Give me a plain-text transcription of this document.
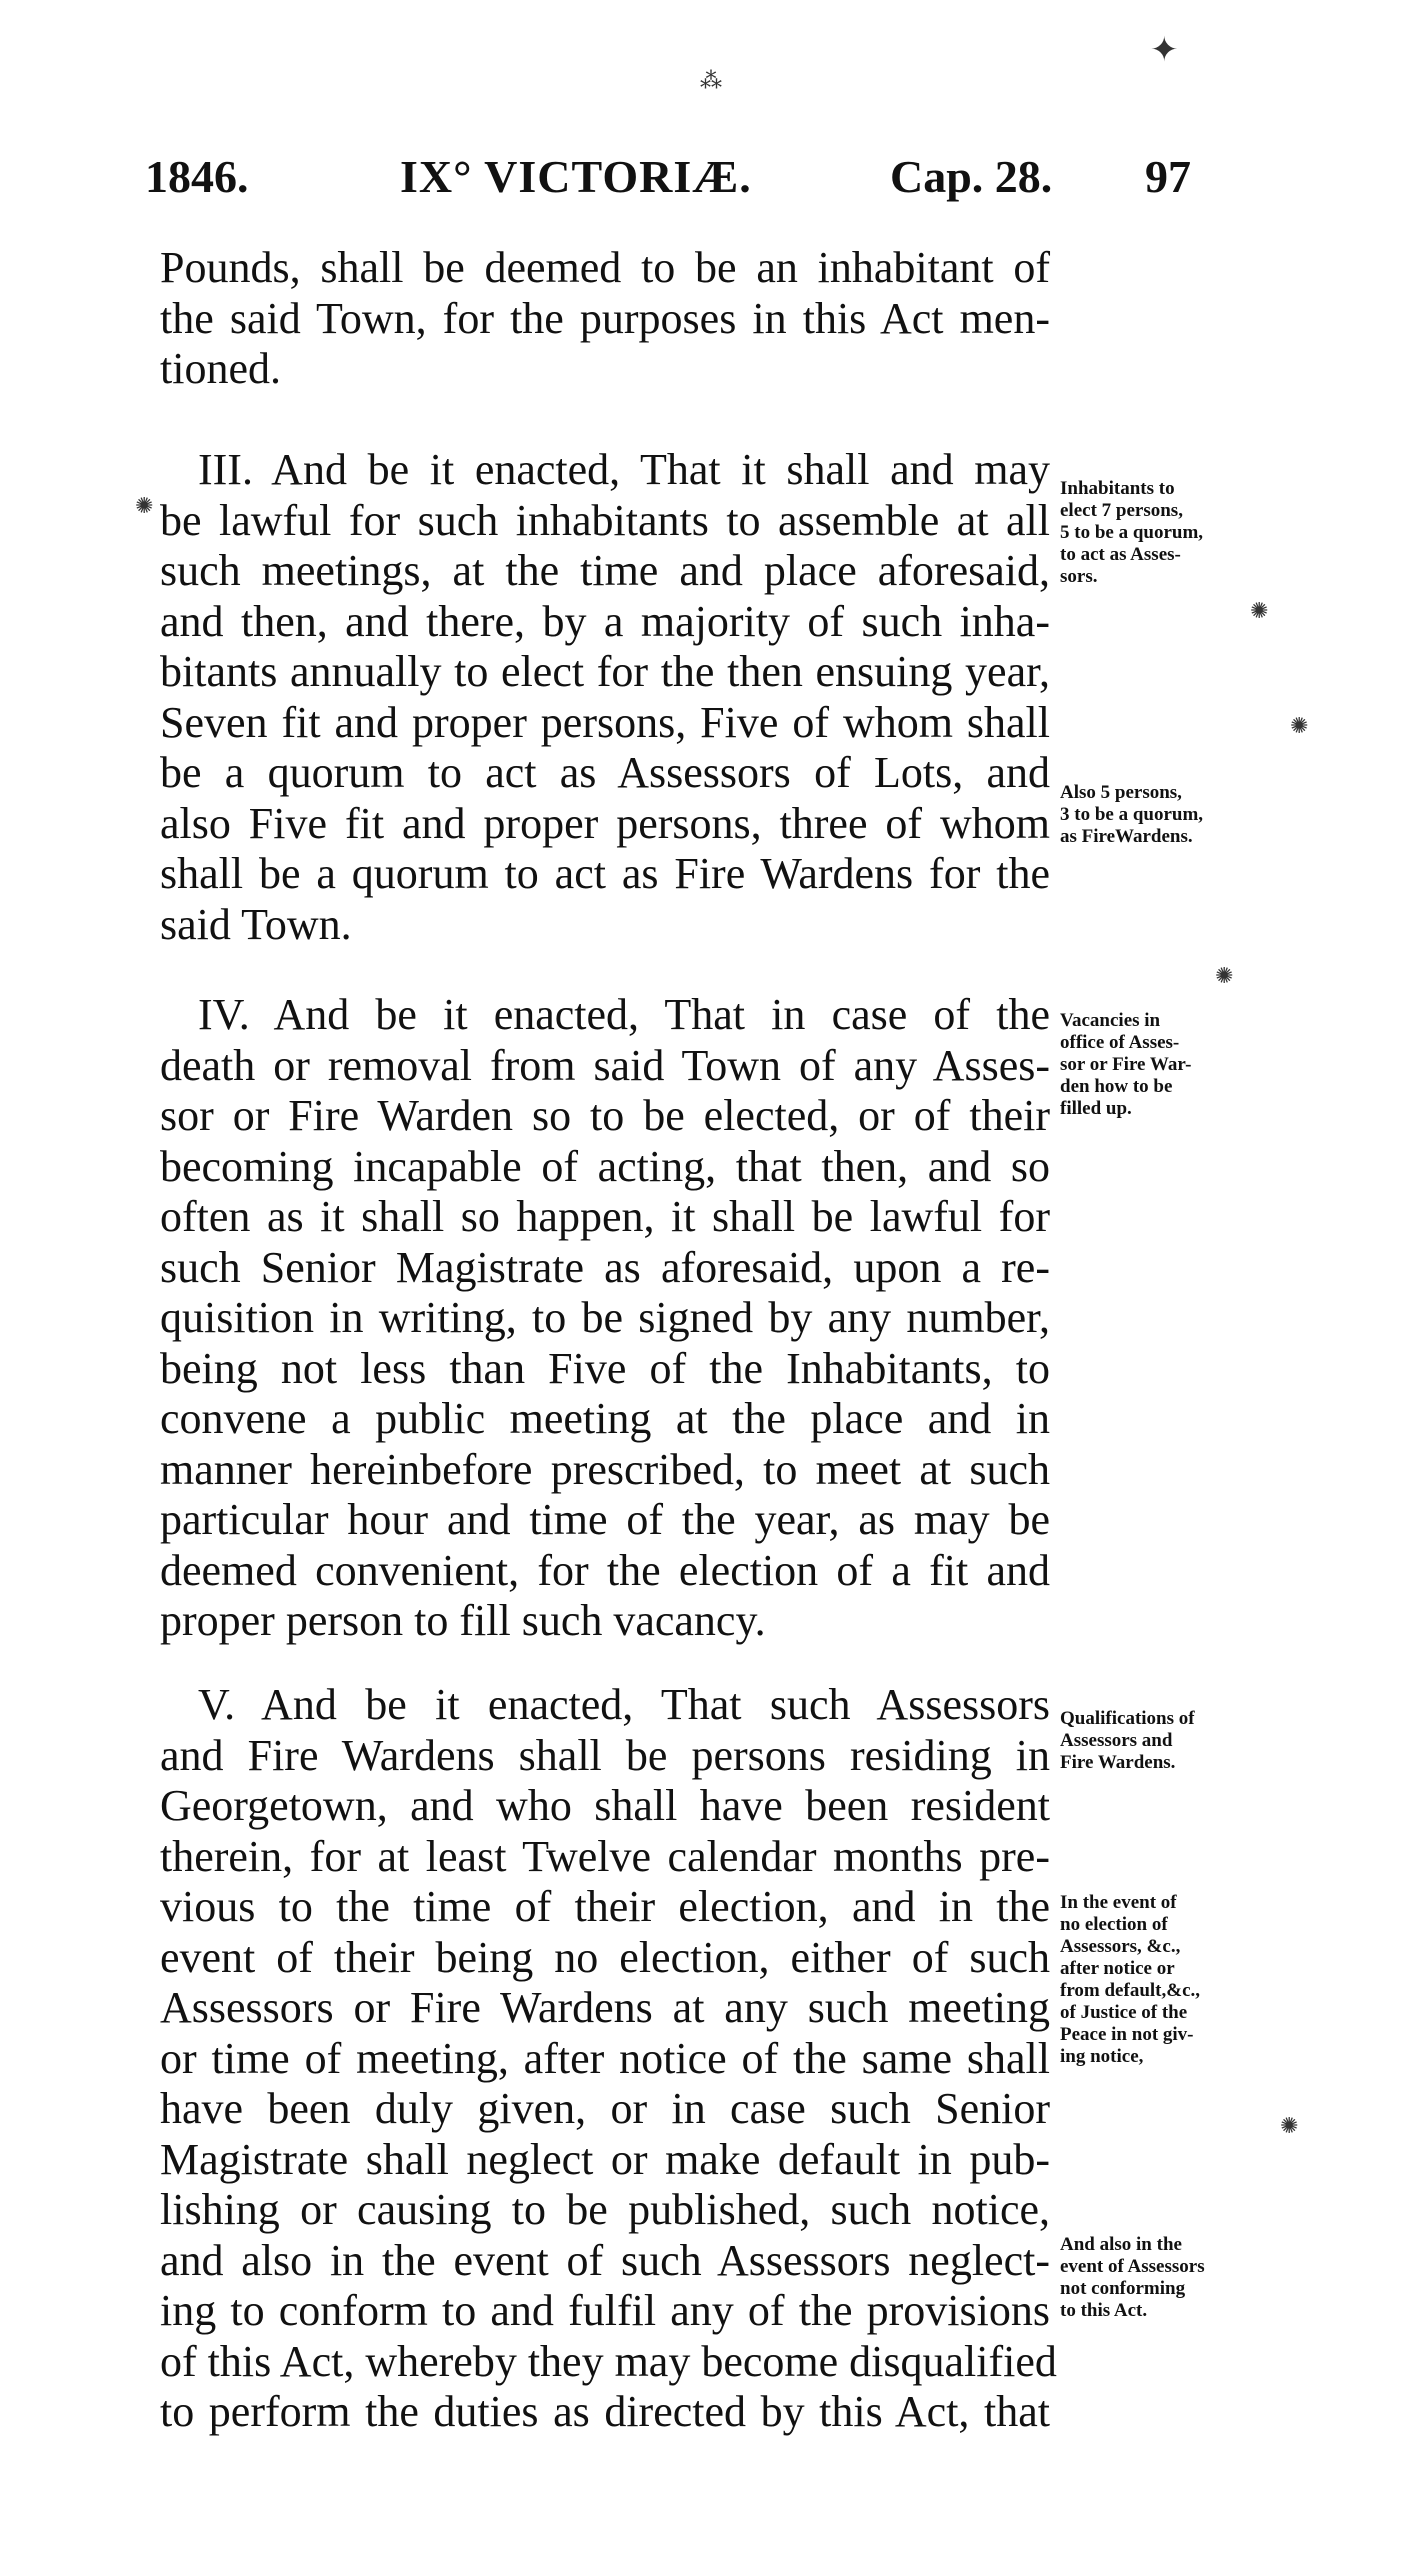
1846.	IX° VICTORIÆ.	Cap. 28. 97
Pounds, shall be deemed to be an inhabitant of
the said Town, for the purposes in this Act men-
tioned.
III. And be it enacted, That it shall and may
be lawful for such inhabitants to assemble at all
such meetings, at the time and place aforesaid,
and then, and there, by a majority of such inha-
bitants annually to elect for the then ensuing year,
Seven fit and proper persons, Five of whom shall
be a quorum to act as Assessors of Lots, and
also Five fit and proper persons, three of whom
shall be a quorum to act as Fire Wardens for the
said Town.
IV. And be it enacted, That in case of the
death or removal from said Town of any Asses-
sor or Fire Warden so to be elected, or of their
becoming incapable of acting, that then, and so
often as it shall so happen, it shall be lawful for
such Senior Magistrate as aforesaid, upon a re-
quisition in writing, to be signed by any number,
being not less than Five of the Inhabitants, to
convene a public meeting at the place and in
manner hereinbefore prescribed, to meet at such
particular hour and time of the year, as may be
deemed convenient, for the election of a fit and
proper person to fill such vacancy.
V. And be it enacted, That such Assessors
and Fire Wardens shall be persons residing in
Georgetown, and who shall have been resident
therein, for at least Twelve calendar months pre-
vious to the time of their election, and in the
event of their being no election, either of such
Assessors or Fire Wardens at any such meeting
or time of meeting, after notice of the same shall
have been duly given, or in case such Senior
Magistrate shall neglect or make default in pub-
lishing or causing to be published, such notice,
and also in the event of such Assessors neglect-
ing to conform to and fulfil any of the provisions
of this Act, whereby they may become disqualified
to perform the duties as directed by this Act, that
Inhabitants to
elect 7 persons,
5 to be a quorum,
to act as Asses-
sors.
Also 5 persons,
3 to be a quorum,
as FireWardens.
Vacancies in
office of Asses-
sor or Fire War-
den how to be
filled up.
Qualifications of
Assessors and
Fire Wardens.
In the event of
no election of
Assessors, &c.,
after notice or
from default,&c.,
of Justice of the
Peace in not giv-
ing notice,
And also in the
event of Assessors
not conforming
to this Act.
✦
⁂
✺
✺
✺
✺
✺
